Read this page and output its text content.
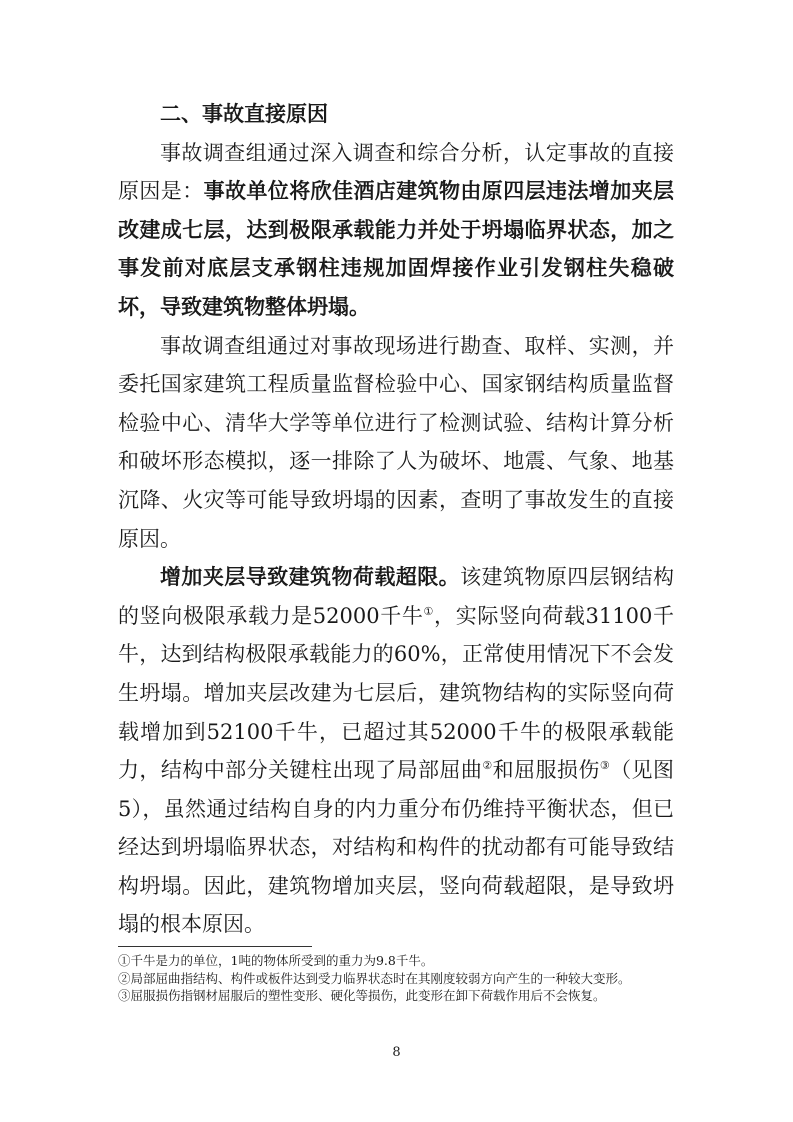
二、事故直接原因

事故调查组通过深入调查和综合分析，认定事故的直接原因是：事故单位将欣佳酒店建筑物由原四层违法增加夹层改建成七层，达到极限承载能力并处于坍塌临界状态，加之事发前对底层支承钢柱违规加固焊接作业引发钢柱失稳破坏，导致建筑物整体坍塌。

事故调查组通过对事故现场进行勘查、取样、实测，并委托国家建筑工程质量监督检验中心、国家钢结构质量监督检验中心、清华大学等单位进行了检测试验、结构计算分析和破坏形态模拟，逐一排除了人为破坏、地震、气象、地基沉降、火灾等可能导致坍塌的因素，查明了事故发生的直接原因。

增加夹层导致建筑物荷载超限。该建筑物原四层钢结构的竖向极限承载力是52000千牛①，实际竖向荷载31100千牛，达到结构极限承载能力的60%，正常使用情况下不会发生坍塌。增加夹层改建为七层后，建筑物结构的实际竖向荷载增加到52100千牛，已超过其52000千牛的极限承载能力，结构中部分关键柱出现了局部屈曲②和屈服损伤③（见图5），虽然通过结构自身的内力重分布仍维持平衡状态，但已经达到坍塌临界状态，对结构和构件的扰动都有可能导致结构坍塌。因此，建筑物增加夹层，竖向荷载超限，是导致坍塌的根本原因。

①千牛是力的单位，1吨的物体所受到的重力为9.8千牛。
②局部屈曲指结构、构件或板件达到受力临界状态时在其刚度较弱方向产生的一种较大变形。
③屈服损伤指钢材屈服后的塑性变形、硬化等损伤，此变形在卸下荷载作用后不会恢复。
8
